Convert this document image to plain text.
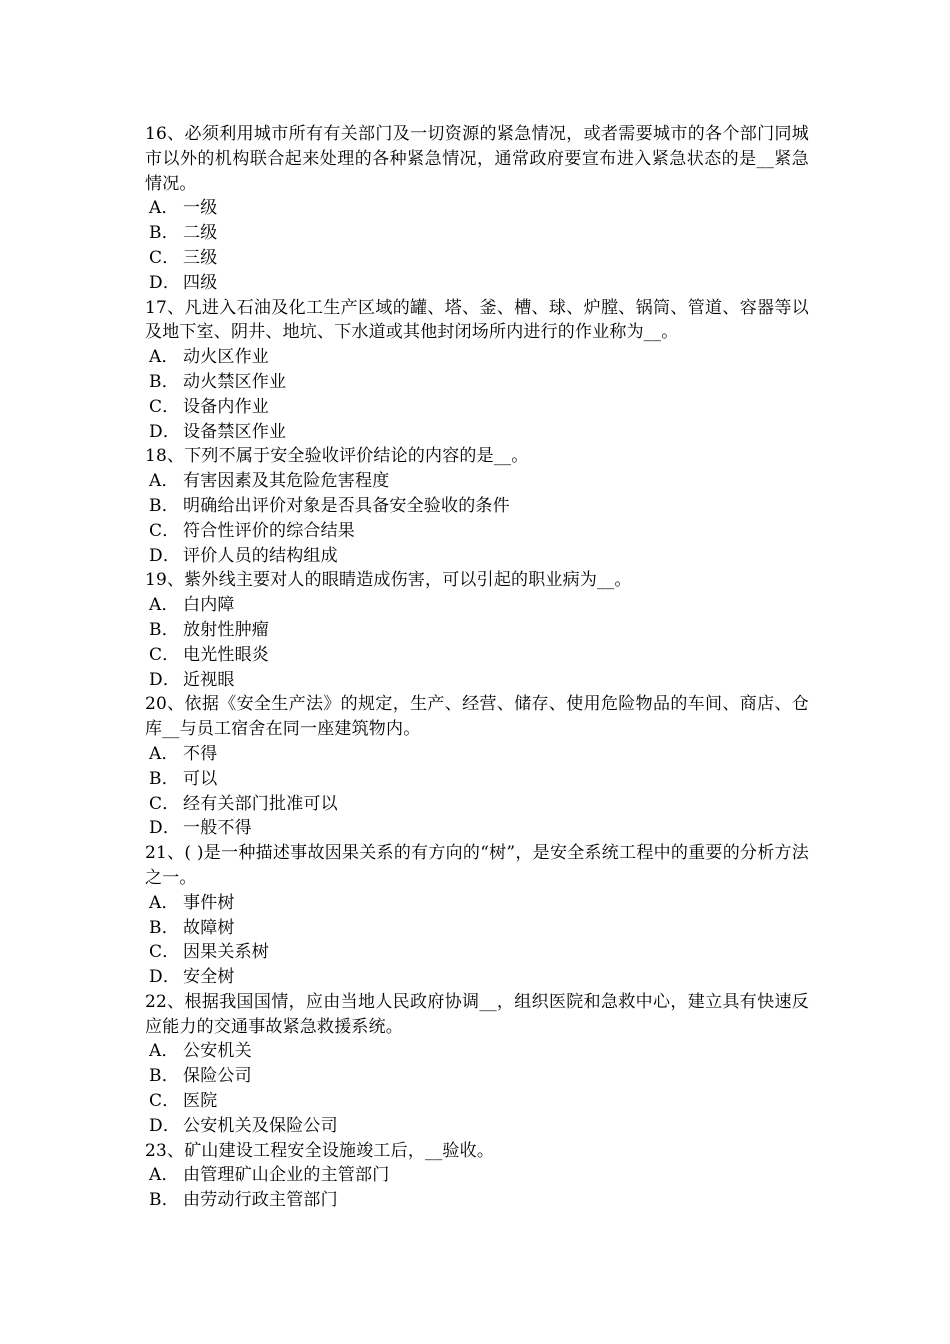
16、必须利用城市所有有关部门及一切资源的紧急情况，或者需要城市的各个部门同城市以外的机构联合起来处理的各种紧急情况，通常政府要宣布进入紧急状态的是__紧急情况。

A． 一级
B． 二级
C． 三级
D． 四级

17、凡进入石油及化工生产区域的罐、塔、釜、槽、球、炉膛、锅筒、管道、容器等以及地下室、阴井、地坑、下水道或其他封闭场所内进行的作业称为__。

A． 动火区作业
B． 动火禁区作业
C． 设备内作业
D． 设备禁区作业

18、下列不属于安全验收评价结论的内容的是__。

A． 有害因素及其危险危害程度
B． 明确给出评价对象是否具备安全验收的条件
C． 符合性评价的综合结果
D． 评价人员的结构组成

19、紫外线主要对人的眼睛造成伤害，可以引起的职业病为__。

A． 白内障
B． 放射性肿瘤
C． 电光性眼炎
D． 近视眼

20、依据《安全生产法》的规定，生产、经营、储存、使用危险物品的车间、商店、仓库__与员工宿舍在同一座建筑物内。

A． 不得
B． 可以
C． 经有关部门批准可以
D． 一般不得

21、( )是一种描述事故因果关系的有方向的“树”，是安全系统工程中的重要的分析方法之一。

A． 事件树
B． 故障树
C． 因果关系树
D． 安全树

22、根据我国国情，应由当地人民政府协调__，组织医院和急救中心，建立具有快速反应能力的交通事故紧急救援系统。

A． 公安机关
B． 保险公司
C． 医院
D． 公安机关及保险公司

23、矿山建设工程安全设施竣工后，__验收。

A． 由管理矿山企业的主管部门
B． 由劳动行政主管部门
